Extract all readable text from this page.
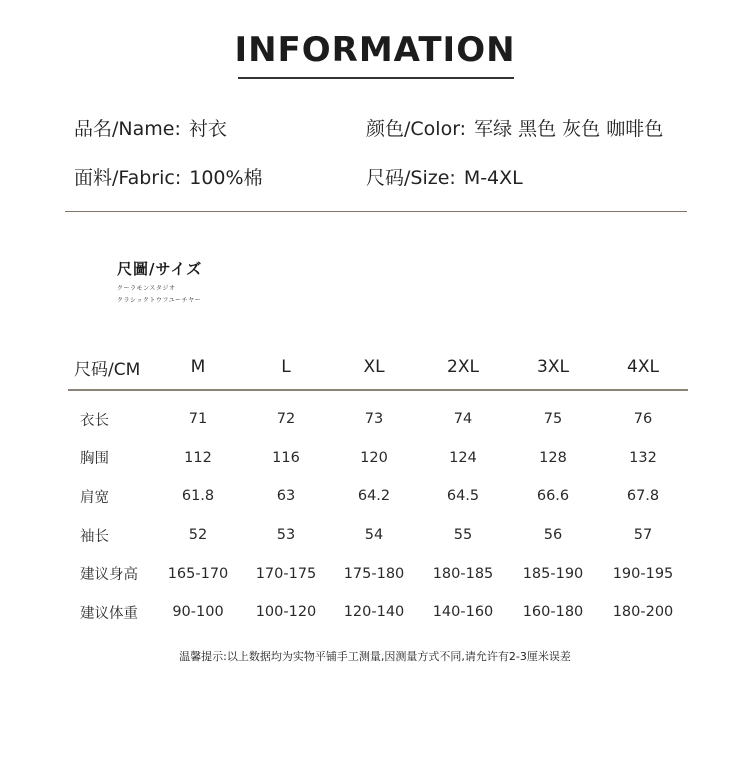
INFORMATION
品名/Name: 衬衣	颜色/Color: 军绿 黑色 灰色 咖啡色
面料/Fabric: 100%棉	尺码/Size: M-4XL
尺圖/サイズ
クーラモンスタジオ
クラシックトウフユーチヤー
尺码/CM	M	L	XL	2XL	3XL	4XL
衣长	71	72	73	74	75	76
胸围	112	116	120	124	128	132
肩宽	61.8	63	64.2	64.5	66.6	67.8
袖长	52	53	54	55	56	57
建议身高	165-170	170-175	175-180	180-185	185-190	190-195
建议体重	90-100	100-120	120-140	140-160	160-180	180-200
温馨提示:以上数据均为实物平铺手工测量,因测量方式不同,请允许有2-3厘米误差
